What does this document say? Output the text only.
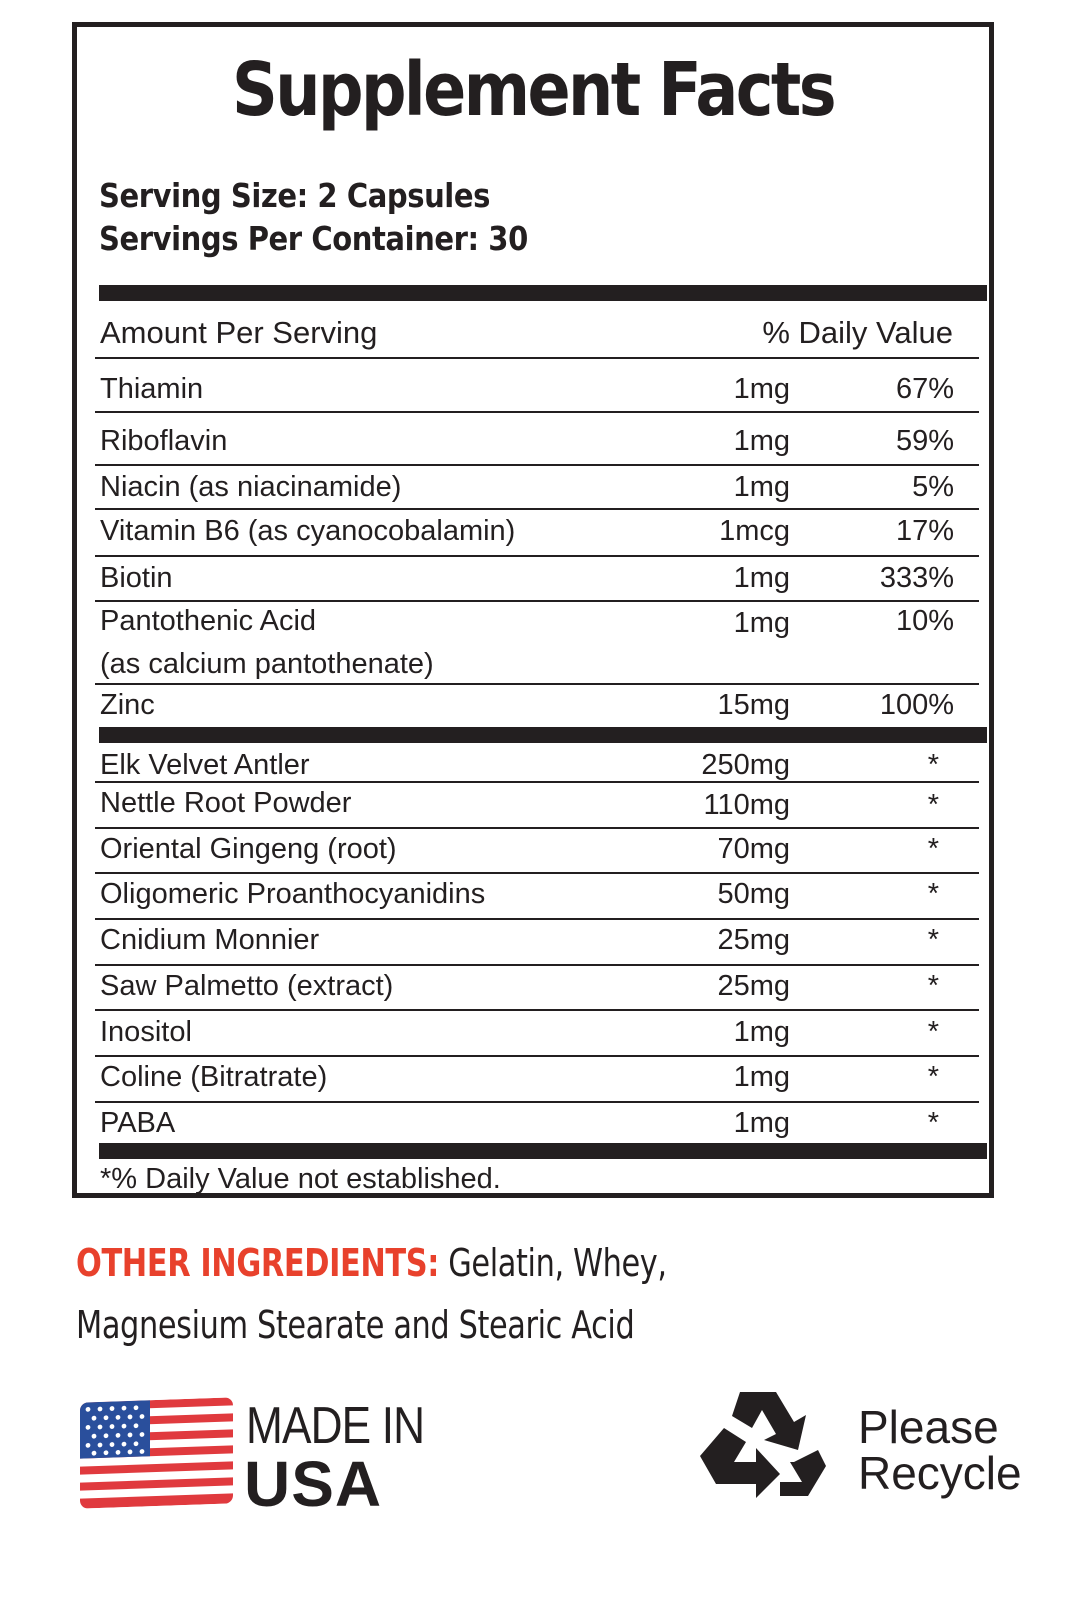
Supplement Facts
Serving Size: 2 Capsules
Servings Per Container: 30
Amount Per Serving	% Daily Value
Thiamin	1mg	67%
Riboflavin	1mg	59%
Niacin (as niacinamide)	1mg	5%
Vitamin B6 (as cyanocobalamin)	1mcg	17%
Biotin	1mg	333%
Pantothenic Acid
(as calcium pantothenate)
1mg	10%
Zinc	15mg	100%
Elk Velvet Antler	250mg	*
Nettle Root Powder	110mg	*
Oriental Gingeng (root)	70mg	*
Oligomeric Proanthocyanidins	50mg	*
Cnidium Monnier	25mg	*
Saw Palmetto (extract)	25mg	*
Inositol	1mg	*
Coline (Bitratrate)	1mg	*
PABA	1mg	*
*% Daily Value not established.
OTHER INGREDIENTS: Gelatin, Whey, Magnesium Stearate and Stearic Acid
MADE IN
USA
Please
Recycle
